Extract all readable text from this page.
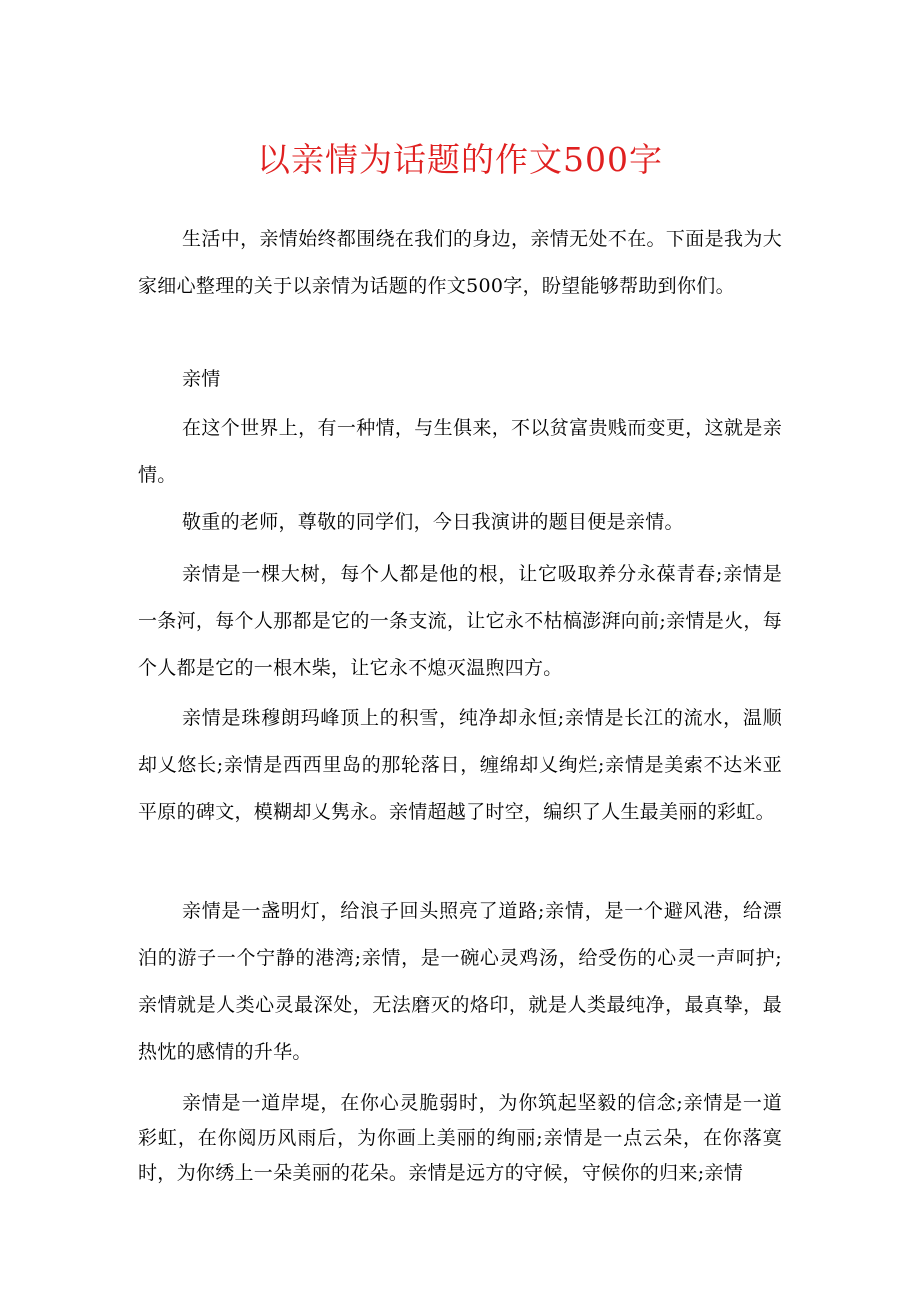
以亲情为话题的作文500字

生活中，亲情始终都围绕在我们的身边，亲情无处不在。下面是我为大家细心整理的关于以亲情为话题的作文500字，盼望能够帮助到你们。

亲情

在这个世界上，有一种情，与生俱来，不以贫富贵贱而变更，这就是亲情。

敬重的老师，尊敬的同学们，今日我演讲的题目便是亲情。

亲情是一棵大树，每个人都是他的根，让它吸取养分永葆青春;亲情是一条河，每个人那都是它的一条支流，让它永不枯槁澎湃向前;亲情是火，每个人都是它的一根木柴，让它永不熄灭温煦四方。

亲情是珠穆朗玛峰顶上的积雪，纯净却永恒;亲情是长江的流水，温顺却乂悠长;亲情是西西里岛的那轮落日，缠绵却乂绚烂;亲情是美索不达米亚平原的碑文，模糊却乂隽永。亲情超越了时空，编织了人生最美丽的彩虹。

亲情是一盏明灯，给浪子回头照亮了道路;亲情，是一个避风港，给漂泊的游子一个宁静的港湾;亲情，是一碗心灵鸡汤，给受伤的心灵一声呵护;亲情就是人类心灵最深处，无法磨灭的烙印，就是人类最纯净，最真挚，最热忱的感情的升华。

亲情是一道岸堤，在你心灵脆弱时，为你筑起坚毅的信念;亲情是一道彩虹，在你阅历风雨后，为你画上美丽的绚丽;亲情是一点云朵，在你落寞时，为你绣上一朵美丽的花朵。亲情是远方的守候，守候你的归来;亲情
